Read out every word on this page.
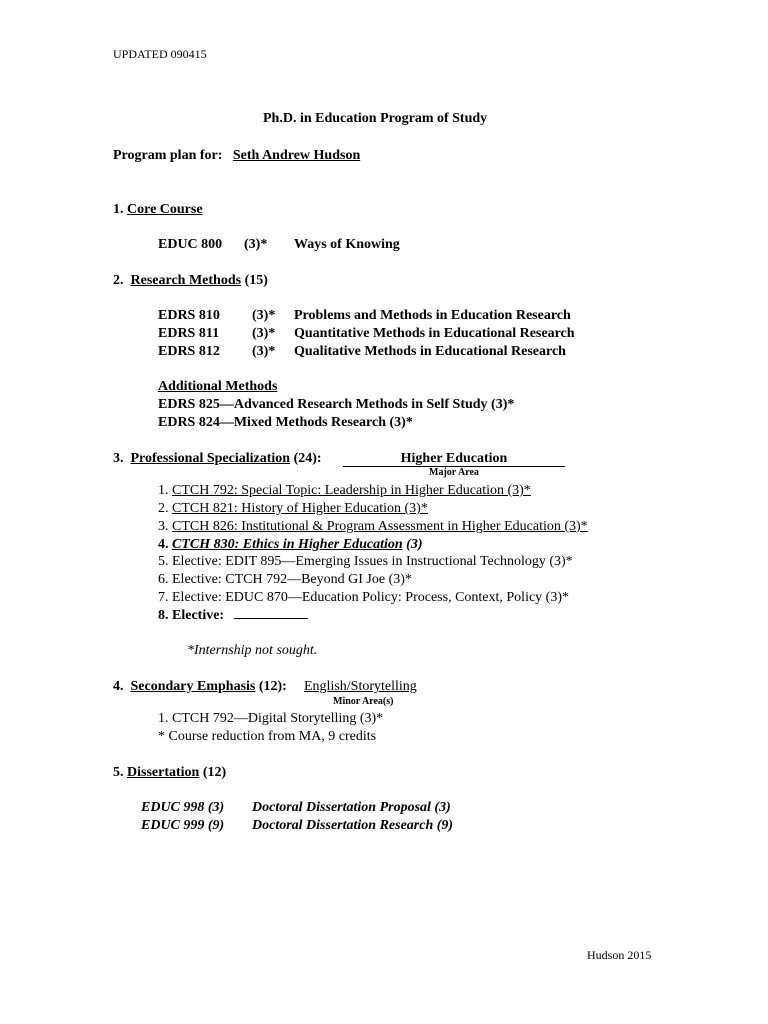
UPDATED 090415
Ph.D. in Education Program of Study
Program plan for: Seth Andrew Hudson
1. Core Course
EDUC 800 (3)* Ways of Knowing
2. Research Methods (15)
EDRS 810 (3)* Problems and Methods in Education Research
EDRS 811 (3)* Quantitative Methods in Educational Research
EDRS 812 (3)* Qualitative Methods in Educational Research
Additional Methods
EDRS 825—Advanced Research Methods in Self Study (3)*
EDRS 824—Mixed Methods Research (3)*
3. Professional Specialization (24):	Higher Education
Major Area
1. CTCH 792: Special Topic: Leadership in Higher Education (3)*
2. CTCH 821: History of Higher Education (3)*
3. CTCH 826: Institutional & Program Assessment in Higher Education (3)*
4. CTCH 830: Ethics in Higher Education (3)
5. Elective: EDIT 895—Emerging Issues in Instructional Technology (3)*
6. Elective: CTCH 792—Beyond GI Joe (3)*
7. Elective: EDUC 870—Education Policy: Process, Context, Policy (3)*
8. Elective:
*Internship not sought.
4. Secondary Emphasis (12): English/Storytelling
Minor Area(s)
1. CTCH 792—Digital Storytelling (3)*
* Course reduction from MA, 9 credits
5. Dissertation (12)
EDUC 998 (3) Doctoral Dissertation Proposal (3)
EDUC 999 (9) Doctoral Dissertation Research (9)
Hudson 2015
